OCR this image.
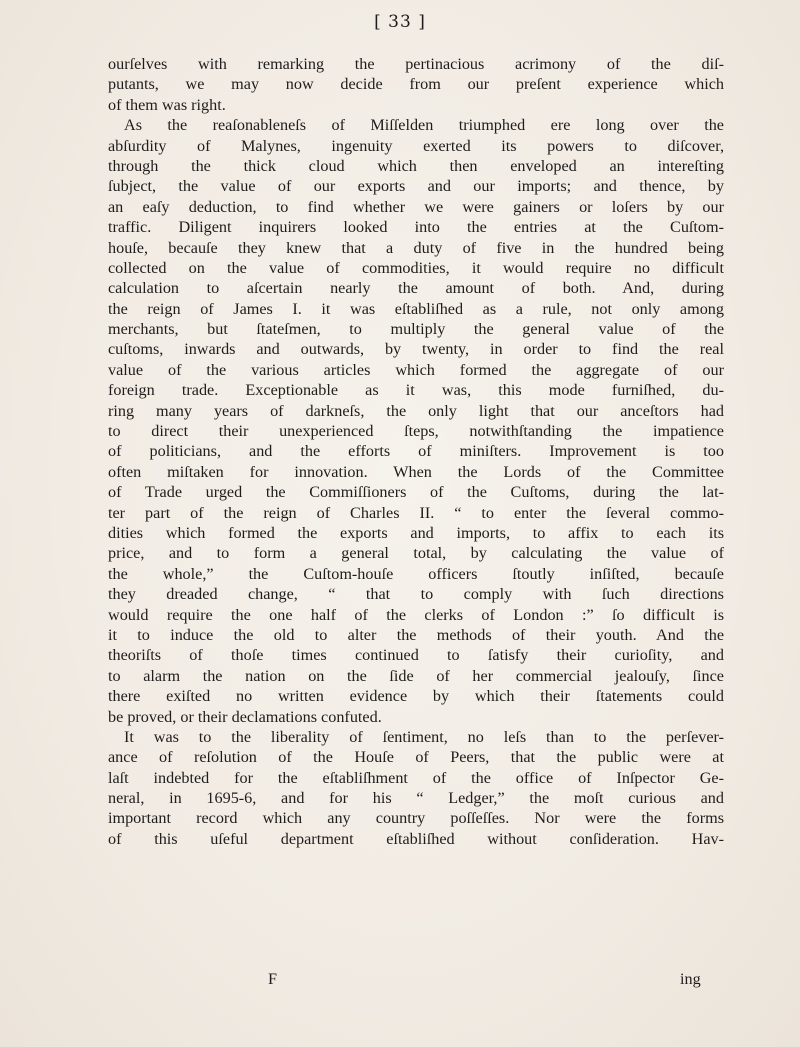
[ 33 ]
ourſelves with remarking the pertinacious acrimony of the diſ-
putants, we may now decide from our preſent experience which
of them was right.
As the reaſonableneſs of Miſſelden triumphed ere long over the
abſurdity of Malynes, ingenuity exerted its powers to diſcover,
through the thick cloud which then enveloped an intereſting
ſubject, the value of our exports and our imports; and thence, by
an eaſy deduction, to find whether we were gainers or loſers by our
traffic. Diligent inquirers looked into the entries at the Cuſtom-
houſe, becauſe they knew that a duty of five in the hundred being
collected on the value of commodities, it would require no difficult
calculation to aſcertain nearly the amount of both. And, during
the reign of James I. it was eſtabliſhed as a rule, not only among
merchants, but ſtateſmen, to multiply the general value of the
cuſtoms, inwards and outwards, by twenty, in order to find the real
value of the various articles which formed the aggregate of our
foreign trade. Exceptionable as it was, this mode furniſhed, du-
ring many years of darkneſs, the only light that our anceſtors had
to direct their unexperienced ſteps, notwithſtanding the impatience
of politicians, and the efforts of miniſters. Improvement is too
often miſtaken for innovation. When the Lords of the Committee
of Trade urged the Commiſſioners of the Cuſtoms, during the lat-
ter part of the reign of Charles II. “ to enter the ſeveral commo-
dities which formed the exports and imports, to affix to each its
price, and to form a general total, by calculating the value of
the whole,” the Cuſtom-houſe officers ſtoutly inſiſted, becauſe
they dreaded change, “ that to comply with ſuch directions
would require the one half of the clerks of London :” ſo difficult is
it to induce the old to alter the methods of their youth. And the
theoriſts of thoſe times continued to ſatisfy their curioſity, and
to alarm the nation on the ſide of her commercial jealouſy, ſince
there exiſted no written evidence by which their ſtatements could
be proved, or their declamations confuted.
It was to the liberality of ſentiment, no leſs than to the perſever-
ance of reſolution of the Houſe of Peers, that the public were at
laſt indebted for the eſtabliſhment of the office of Inſpector Ge-
neral, in 1695-6, and for his “ Ledger,” the moſt curious and
important record which any country poſſeſſes. Nor were the forms
of this uſeful department eſtabliſhed without conſideration. Hav-
F	ing
